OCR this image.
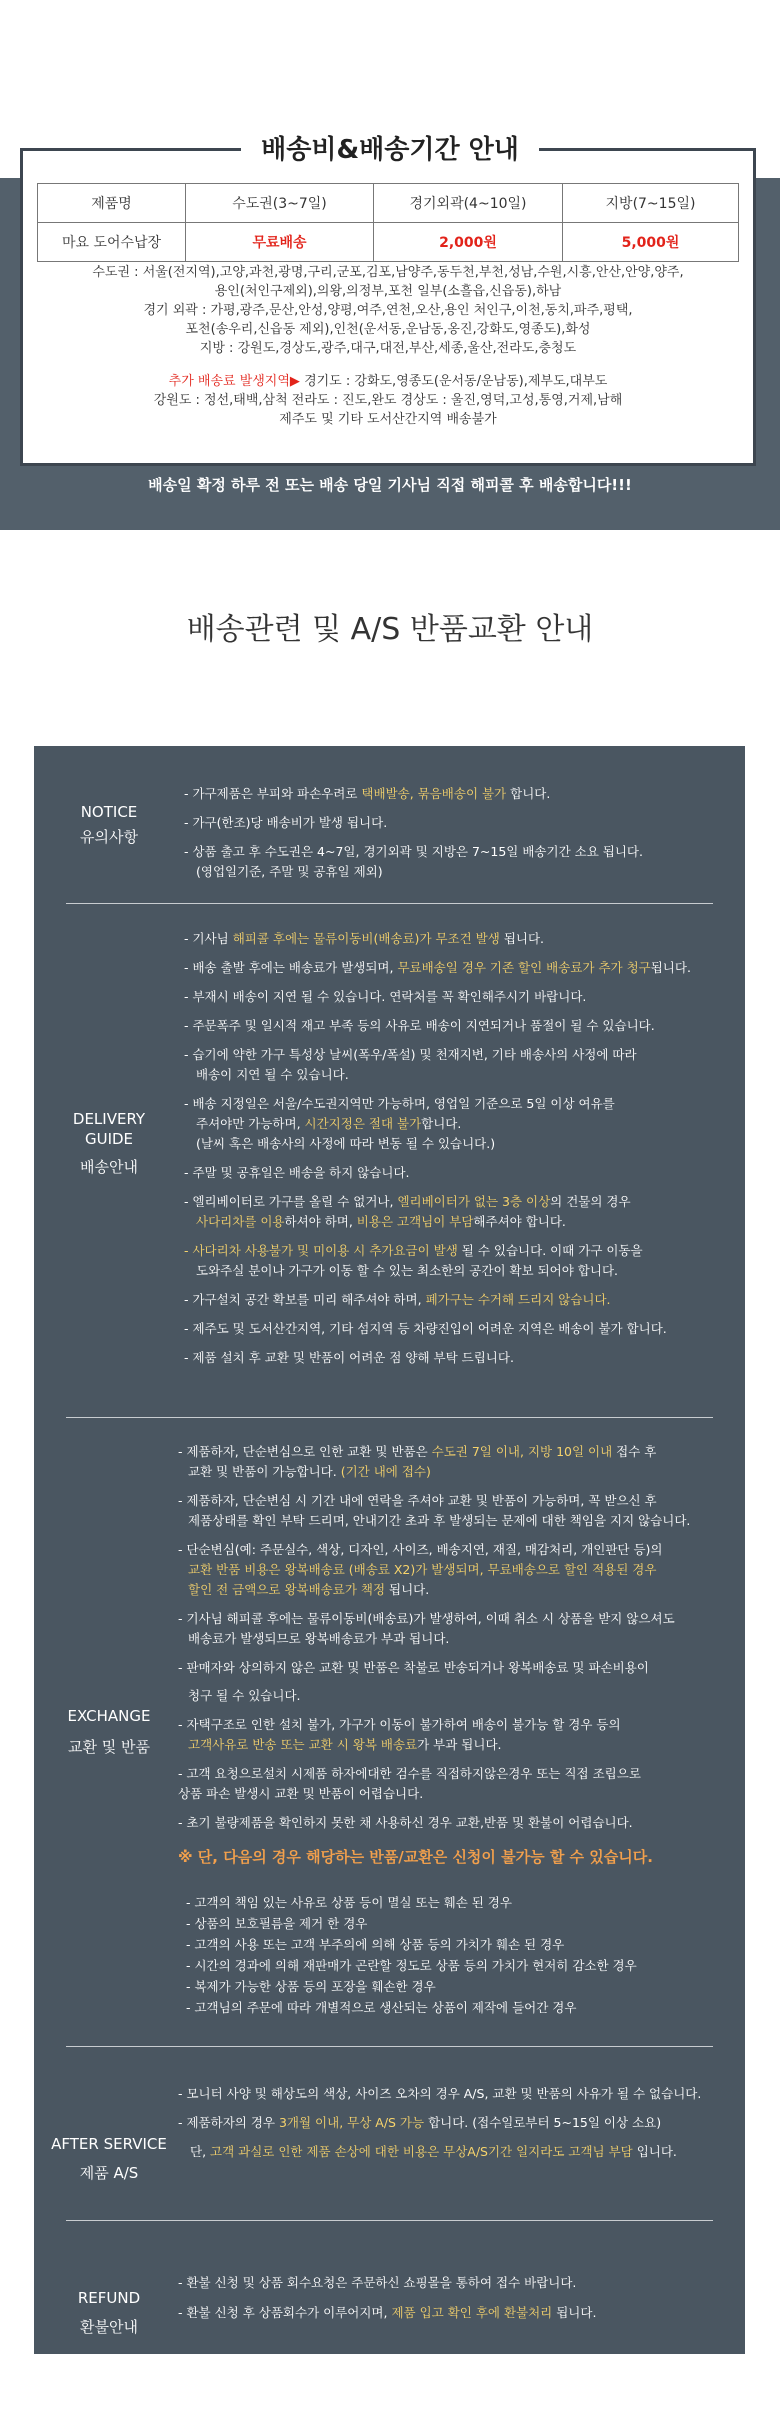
제품명	수도권(3~7일)	경기외곽(4~10일)	지방(7~15일)
마요 도어수납장	무료배송	2,000원	5,000원

수도권 : 서울(전지역),고양,과천,광명,구리,군포,김포,남양주,동두천,부천,성남,수원,시흥,안산,안양,양주,

용인(처인구제외),의왕,의정부,포천 일부(소흘읍,신읍동),하남

경기 외곽 : 가평,광주,문산,안성,양평,여주,연천,오산,용인 처인구,이천,동치,파주,평택,

포천(송우리,신읍동 제외),인천(운서동,운남동,옹진,강화도,영종도),화성

지방 : 강원도,경상도,광주,대구,대전,부산,세종,울산,전라도,충청도

추가 배송료 발생지역▶ 경기도 : 강화도,영종도(운서동/운남동),제부도,대부도

강원도 : 정선,태백,삼척 전라도 : 진도,완도 경상도 : 울진,영덕,고성,통영,거제,남해

제주도 및 기타 도서산간지역 배송불가

배송비&배송기간 안내
배송일 확정 하루 전 또는 배송 당일 기사님 직접 해피콜 후 배송합니다!!!
배송관련 및 A/S 반품교환 안내
NOTICE
유의사항
- 가구제품은 부피와 파손우려로 택배발송, 묶음배송이 불가 합니다.
- 가구(한조)당 배송비가 발생 됩니다.
- 상품 출고 후 수도권은 4~7일, 경기외곽 및 지방은 7~15일 배송기간 소요 됩니다.
(영업일기준, 주말 및 공휴일 제외)
DELIVERY
GUIDE
배송안내
- 기사님 해피콜 후에는 물류이동비(배송료)가 무조건 발생 됩니다.
- 배송 출발 후에는 배송료가 발생되며, 무료배송일 경우 기존 할인 배송료가 추가 청구됩니다.
- 부재시 배송이 지연 될 수 있습니다. 연락처를 꼭 확인해주시기 바랍니다.
- 주문폭주 및 일시적 재고 부족 등의 사유로 배송이 지연되거나 품절이 될 수 있습니다.
- 습기에 약한 가구 특성상 날씨(폭우/폭설) 및 천재지변, 기타 배송사의 사정에 따라
배송이 지연 될 수 있습니다.
- 배송 지정일은 서울/수도권지역만 가능하며, 영업일 기준으로 5일 이상 여유를
주셔야만 가능하며, 시간지정은 절대 불가합니다.
(날씨 혹은 배송사의 사정에 따라 변동 될 수 있습니다.)
- 주말 및 공휴일은 배송을 하지 않습니다.
- 엘리베이터로 가구를 올릴 수 없거나, 엘리베이터가 없는 3층 이상의 건물의 경우
사다리차를 이용하셔야 하며, 비용은 고객님이 부담해주셔야 합니다.
- 사다리차 사용불가 및 미이용 시 추가요금이 발생 될 수 있습니다. 이때 가구 이동을
도와주실 분이나 가구가 이동 할 수 있는 최소한의 공간이 확보 되어야 합니다.
- 가구설치 공간 확보를 미리 해주셔야 하며, 폐가구는 수거해 드리지 않습니다.
- 제주도 및 도서산간지역, 기타 섬지역 등 차량진입이 어려운 지역은 배송이 불가 합니다.
- 제품 설치 후 교환 및 반품이 어려운 점 양해 부탁 드립니다.
EXCHANGE
교환 및 반품
- 제품하자, 단순변심으로 인한 교환 및 반품은 수도권 7일 이내, 지방 10일 이내 접수 후
교환 및 반품이 가능합니다. (기간 내에 접수)
- 제품하자, 단순변심 시 기간 내에 연락을 주셔야 교환 및 반품이 가능하며, 꼭 받으신 후
제품상태를 확인 부탁 드리며, 안내기간 초과 후 발생되는 문제에 대한 책임을 지지 않습니다.
- 단순변심(예: 주문실수, 색상, 디자인, 사이즈, 배송지연, 재질, 매감처리, 개인판단 등)의
교환 반품 비용은 왕복배송료 (배송료 X2)가 발생되며, 무료배송으로 할인 적용된 경우
할인 전 금액으로 왕복배송료가 책정 됩니다.
- 기사님 해피콜 후에는 물류이동비(배송료)가 발생하여, 이때 취소 시 상품을 받지 않으셔도
배송료가 발생되므로 왕복배송료가 부과 됩니다.
- 판매자와 상의하지 않은 교환 및 반품은 착불로 반송되거나 왕복배송료 및 파손비용이
청구 될 수 있습니다.
- 자택구조로 인한 설치 불가, 가구가 이동이 불가하여 배송이 불가능 할 경우 등의
고객사유로 반송 또는 교환 시 왕복 배송료가 부과 됩니다.
- 고객 요청으로설치 시제품 하자에대한 검수를 직접하지않은경우 또는 직접 조립으로
상품 파손 발생시 교환 및 반품이 어렵습니다.
- 초기 불량제품을 확인하지 못한 채 사용하신 경우 교환,반품 및 환불이 어렵습니다.
※ 단, 다음의 경우 해당하는 반품/교환은 신청이 불가능 할 수 있습니다.
- 고객의 책임 있는 사유로 상품 등이 멸실 또는 훼손 된 경우
- 상품의 보호필름을 제거 한 경우
- 고객의 사용 또는 고객 부주의에 의해 상품 등의 가치가 훼손 된 경우
- 시간의 경과에 의해 재판매가 곤란할 정도로 상품 등의 가치가 현저히 감소한 경우
- 복제가 가능한 상품 등의 포장을 훼손한 경우
- 고객님의 주문에 따라 개별적으로 생산되는 상품이 제작에 들어간 경우
AFTER SERVICE
제품 A/S
- 모니터 사양 및 해상도의 색상, 사이즈 오차의 경우 A/S, 교환 및 반품의 사유가 될 수 없습니다.
- 제품하자의 경우 3개월 이내, 무상 A/S 가능 합니다. (접수일로부터 5~15일 이상 소요)
단, 고객 과실로 인한 제품 손상에 대한 비용은 무상A/S기간 일지라도 고객님 부담 입니다.
REFUND
환불안내
- 환불 신청 및 상품 회수요청은 주문하신 쇼핑몰을 통하여 접수 바랍니다.
- 환불 신청 후 상품회수가 이루어지며, 제품 입고 확인 후에 환불처리 됩니다.
